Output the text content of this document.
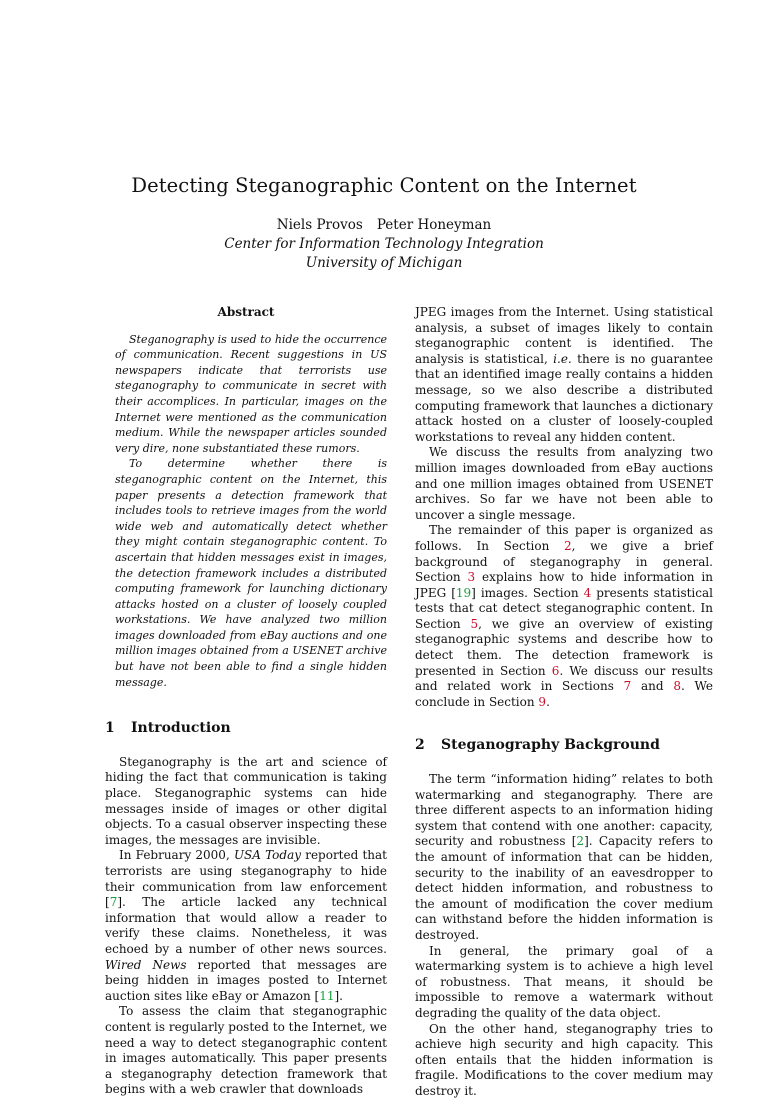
Detecting Steganographic Content on the Internet
Niels Provos Peter Honeyman
Center for Information Technology Integration
University of Michigan
Abstract

Steganography is used to hide the occurrence of communication. Recent suggestions in US newspapers indicate that terrorists use steganography to communicate in secret with their accomplices. In particular, images on the Internet were mentioned as the communication medium. While the newspaper articles sounded very dire, none substantiated these rumors.

To determine whether there is steganographic content on the Internet, this paper presents a detection framework that includes tools to retrieve images from the world wide web and automatically detect whether they might contain steganographic content. To ascertain that hidden messages exist in images, the detection framework includes a distributed computing framework for launching dictionary attacks hosted on a cluster of loosely coupled workstations. We have analyzed two million images downloaded from eBay auctions and one million images obtained from a USENET archive but have not been able to find a single hidden message.

1	Introduction

Steganography is the art and science of hiding the fact that communication is taking place. Steganographic systems can hide messages inside of images or other digital objects. To a casual observer inspecting these images, the messages are invisible.

In February 2000, USA Today reported that terrorists are using steganography to hide their communication from law enforcement [7]. The article lacked any technical information that would allow a reader to verify these claims. Nonetheless, it was echoed by a number of other news sources. Wired News reported that messages are being hidden in images posted to Internet auction sites like eBay or Amazon [11].

To assess the claim that steganographic content is regularly posted to the Internet, we need a way to detect steganographic content in images automatically. This paper presents a steganography detection framework that begins with a web crawler that downloads

JPEG images from the Internet. Using statistical analysis, a subset of images likely to contain steganographic content is identified. The analysis is statistical, i.e. there is no guarantee that an identified image really contains a hidden message, so we also describe a distributed computing framework that launches a dictionary attack hosted on a cluster of loosely-coupled workstations to reveal any hidden content.

We discuss the results from analyzing two million images downloaded from eBay auctions and one million images obtained from USENET archives. So far we have not been able to uncover a single message.

The remainder of this paper is organized as follows. In Section 2, we give a brief background of steganography in general. Section 3 explains how to hide information in JPEG [19] images. Section 4 presents statistical tests that cat detect steganographic content. In Section 5, we give an overview of existing steganographic systems and describe how to detect them. The detection framework is presented in Section 6. We discuss our results and related work in Sections 7 and 8. We conclude in Section 9.

2	Steganography Background

The term “information hiding” relates to both watermarking and steganography. There are three different aspects to an information hiding system that contend with one another: capacity, security and robustness [2]. Capacity refers to the amount of information that can be hidden, security to the inability of an eavesdropper to detect hidden information, and robustness to the amount of modification the cover medium can withstand before the hidden information is destroyed.

In general, the primary goal of a watermarking system is to achieve a high level of robustness. That means, it should be impossible to remove a watermark without degrading the quality of the data object.

On the other hand, steganography tries to achieve high security and high capacity. This often entails that the hidden information is fragile. Modifications to the cover medium may destroy it.
